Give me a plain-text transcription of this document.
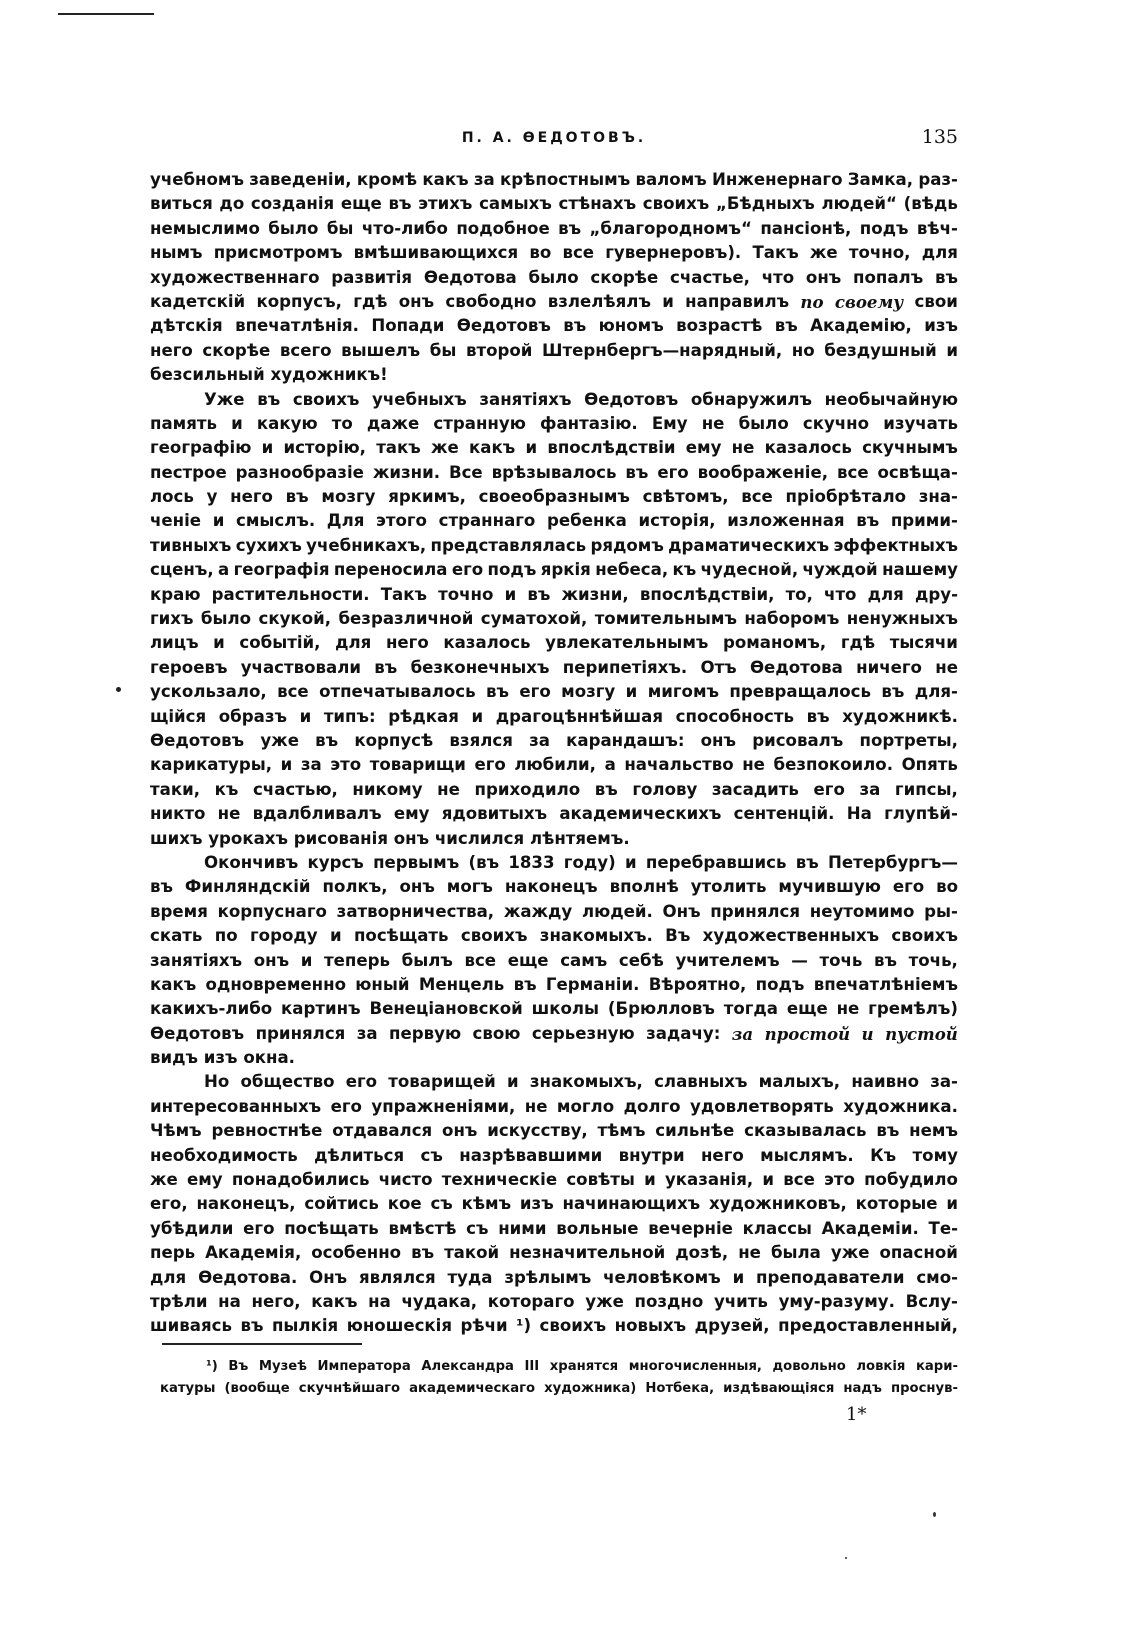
П. А. ѲЕДОТОВЪ.	135
учебномъ заведеніи, кромѣ какъ за крѣпостнымъ валомъ Инженернаго Замка, раз-
виться до созданія еще въ этихъ самыхъ стѣнахъ своихъ „Бѣдныхъ людей“ (вѣдь
немыслимо было бы что-либо подобное въ „благородномъ“ пансіонѣ, подъ вѣч-
нымъ присмотромъ вмѣшивающихся во все гувернеровъ). Такъ же точно, для
художественнаго развитія Ѳедотова было скорѣе счастье, что онъ попалъ въ
кадетскій корпусъ, гдѣ онъ свободно взлелѣялъ и направилъ по своему свои
дѣтскія впечатлѣнія. Попади Ѳедотовъ въ юномъ возрастѣ въ Академію, изъ
него скорѣе всего вышелъ бы второй Штернбергъ—нарядный, но бездушный и
безсильный
художникъ!
Уже въ своихъ учебныхъ занятіяхъ Ѳедотовъ обнаружилъ необычайную
память и какую то даже странную фантазію. Ему не было скучно изучать
географію и исторію, такъ же какъ и впослѣдствіи ему не казалось скучнымъ
пестрое разнообразіе жизни. Все врѣзывалось въ его воображеніе, все освѣща-
лось у него въ мозгу яркимъ, своеобразнымъ свѣтомъ, все пріобрѣтало зна-
ченіе и смыслъ. Для этого страннаго ребенка исторія, изложенная въ прими-
тивныхъ сухихъ учебникахъ, представлялась рядомъ драматическихъ эффектныхъ
сценъ, а географія переносила его подъ яркія небеса, къ чудесной, чуждой нашему
краю растительности. Такъ точно и въ жизни, впослѣдствіи, то, что для дру-
гихъ было скукой, безразличной суматохой, томительнымъ наборомъ ненужныхъ
лицъ и событій, для него казалось увлекательнымъ романомъ, гдѣ тысячи
героевъ участвовали въ безконечныхъ перипетіяхъ. Отъ Ѳедотова ничего не
ускользало, все отпечатывалось въ его мозгу и мигомъ превращалось въ для-
щійся образъ и типъ: рѣдкая и драгоцѣннѣйшая способность въ художникѣ.
Ѳедотовъ уже въ корпусѣ взялся за карандашъ: онъ рисовалъ портреты,
карикатуры, и за это товарищи его любили, а начальство не безпокоило. Опять
таки, къ счастью, никому не приходило въ голову засадить его за гипсы,
никто не вдалбливалъ ему ядовитыхъ академическихъ сентенцій. На глупѣй-
шихъ
урокахъ
рисованія
онъ
числился
лѣнтяемъ.
Окончивъ курсъ первымъ (въ 1833 году) и перебравшись въ Петербургъ—
въ Финляндскій полкъ, онъ могъ наконецъ вполнѣ утолить мучившую его во
время корпуснаго затворничества, жажду людей. Онъ принялся неутомимо ры-
скать по городу и посѣщать своихъ знакомыхъ. Въ художественныхъ своихъ
занятіяхъ онъ и теперь былъ все еще самъ себѣ учителемъ — точь въ точь,
какъ одновременно юный Менцель въ Германіи. Вѣроятно, подъ впечатлѣніемъ
какихъ-либо картинъ Венеціановской школы (Брюлловъ тогда еще не гремѣлъ)
Ѳедотовъ принялся за первую свою серьезную задачу: за простой и пустой
видъ
изъ
окна.
Но общество его товарищей и знакомыхъ, славныхъ малыхъ, наивно за-
интересованныхъ его упражненіями, не могло долго удовлетворять художника.
Чѣмъ ревностнѣе отдавался онъ искусству, тѣмъ сильнѣе сказывалась въ немъ
необходимость дѣлиться съ назрѣвавшими внутри него мыслямъ. Къ тому
же ему понадобились чисто техническіе совѣты и указанія, и все это побудило
его, наконецъ, сойтись кое съ кѣмъ изъ начинающихъ художниковъ, которые и
убѣдили его посѣщать вмѣстѣ съ ними вольные вечерніе классы Академіи. Те-
перь Академія, особенно въ такой незначительной дозѣ, не была уже опасной
для Ѳедотова. Онъ являлся туда зрѣлымъ человѣкомъ и преподаватели смо-
трѣли на него, какъ на чудака, котораго уже поздно учить уму-разуму. Вслу-
шиваясь въ пылкія юношескія рѣчи ¹) своихъ новыхъ друзей, предоставленный,
¹) Въ Музеѣ Императора Александра III хранятся многочисленныя, довольно ловкія кари-
катуры (вообще скучнѣйшаго академическаго художника) Нотбека, издѣвающіяся надъ проснув-
1*
